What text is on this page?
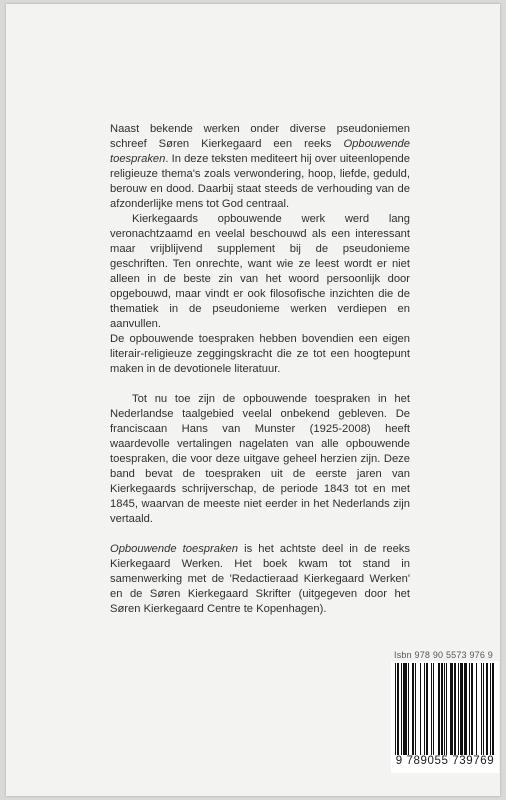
Naast bekende werken onder diverse pseudoniemen schreef Søren Kierkegaard een reeks Opbouwende toespraken. In deze teksten mediteert hij over uiteenlopende religieuze thema's zoals verwondering, hoop, liefde, geduld, berouw en dood. Daarbij staat steeds de verhouding van de afzonderlijke mens tot God centraal.

Kierkegaards opbouwende werk werd lang veronachtzaamd en veelal beschouwd als een interessant maar vrijblijvend supplement bij de pseudonieme geschriften. Ten onrechte, want wie ze leest wordt er niet alleen in de beste zin van het woord persoonlijk door opgebouwd, maar vindt er ook filosofische inzichten die de thematiek in de pseudonieme werken verdiepen en aanvullen.

De opbouwende toespraken hebben bovendien een eigen literair-religieuze zeggingskracht die ze tot een hoogtepunt maken in de devotionele literatuur.

Tot nu toe zijn de opbouwende toespraken in het Nederlandse taalgebied veelal onbekend gebleven. De franciscaan Hans van Munster (1925-2008) heeft waardevolle vertalingen nagelaten van alle opbouwende toespraken, die voor deze uitgave geheel herzien zijn. Deze band bevat de toespraken uit de eerste jaren van Kierkegaards schrijverschap, de periode 1843 tot en met 1845, waarvan de meeste niet eerder in het Nederlands zijn vertaald.

Opbouwende toespraken is het achtste deel in de reeks Kierkegaard Werken. Het boek kwam tot stand in samenwerking met de 'Redactieraad Kierkegaard Werken' en de Søren Kierkegaard Skrifter (uitgegeven door het Søren Kierkegaard Centre te Kopenhagen).

Isbn 978 90 5573 976 9
9 789055 739769
